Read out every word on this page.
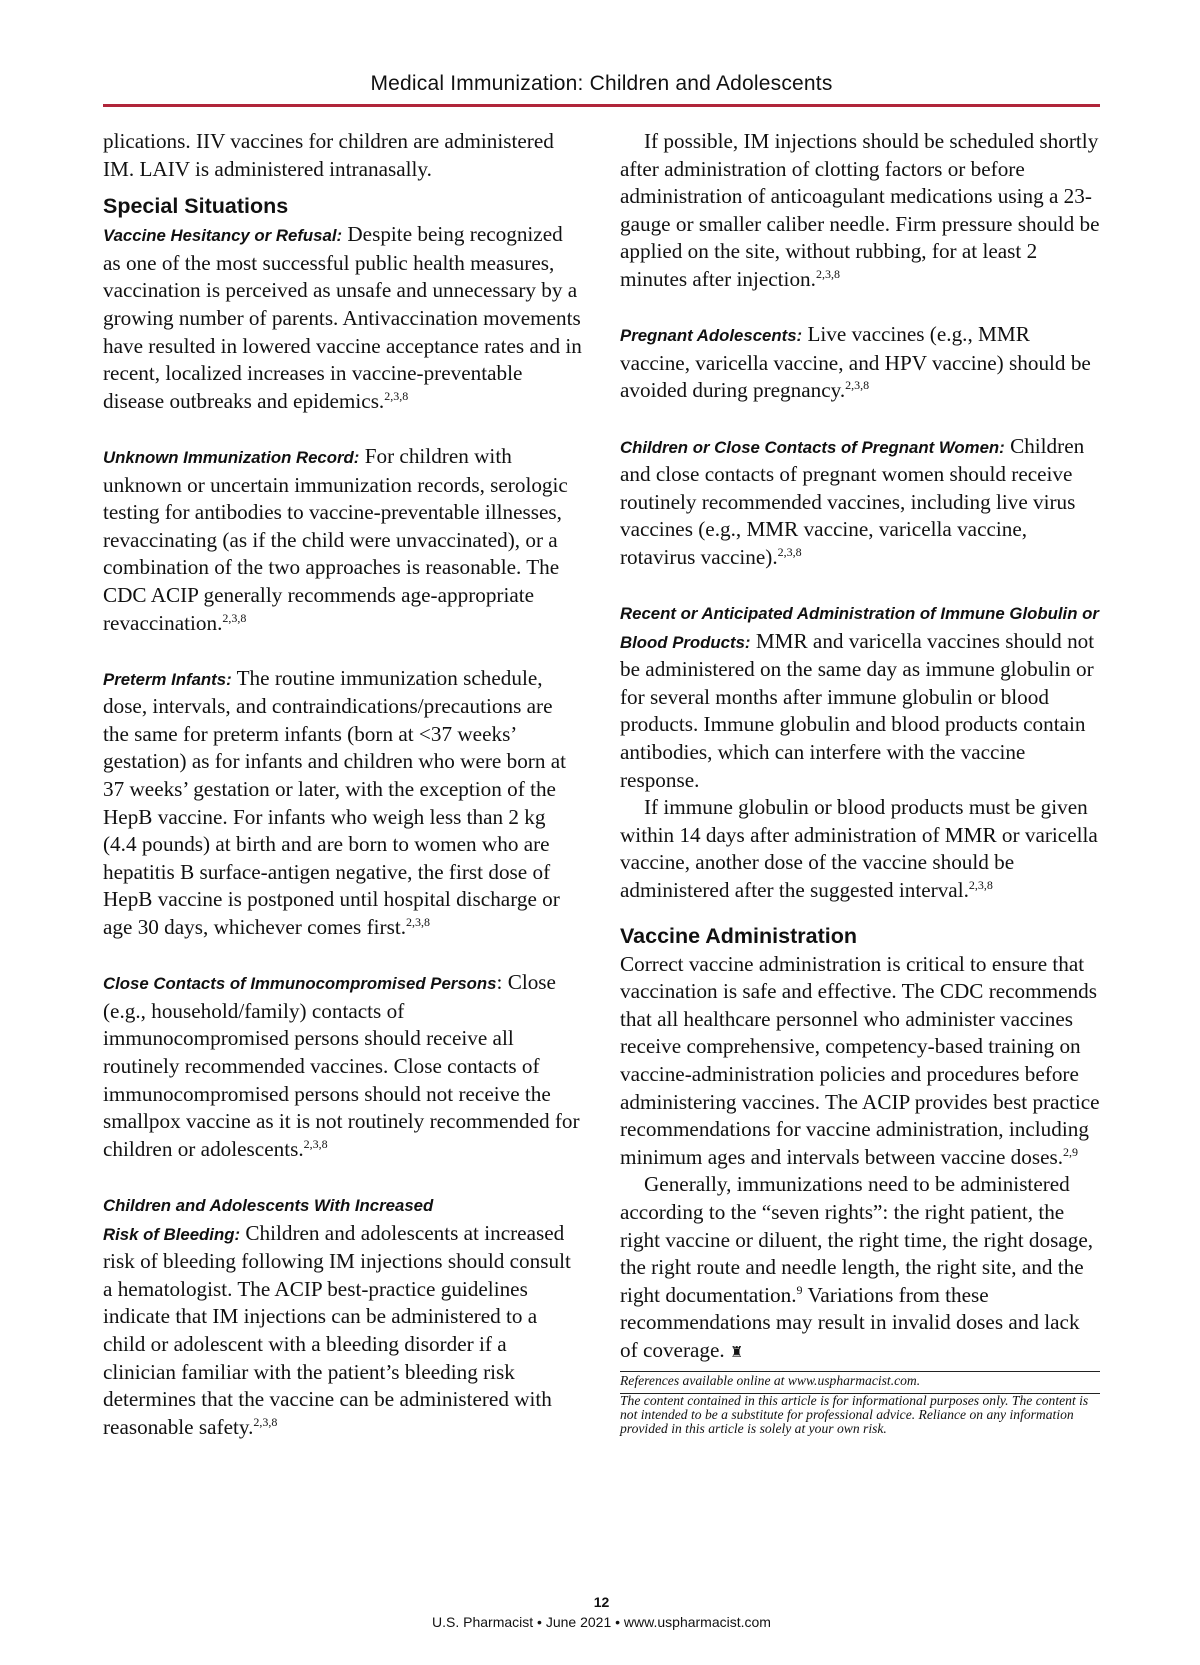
Medical Immunization: Children and Adolescents

plications. IIV vaccines for children are administered IM. LAIV is administered intranasally.

Special Situations

Vaccine Hesitancy or Refusal: Despite being recognized as one of the most successful public health measures, vaccination is perceived as unsafe and unnecessary by a growing number of parents. Antivaccination movements have resulted in lowered vaccine acceptance rates and in recent, localized increases in vaccine-preventable disease outbreaks and epidemics.$^{2,3,8}$

Unknown Immunization Record: For children with unknown or uncertain immunization records, serologic testing for antibodies to vaccine-preventable illnesses, revaccinating (as if the child were unvaccinated), or a combination of the two approaches is reasonable. The CDC ACIP generally recommends age-appropriate revaccination.$^{2,3,8}$

Preterm Infants: The routine immunization schedule, dose, intervals, and contraindications/precautions are the same for preterm infants (born at <37 weeks’ gestation) as for infants and children who were born at 37 weeks’ gestation or later, with the exception of the HepB vaccine. For infants who weigh less than 2 kg (4.4 pounds) at birth and are born to women who are hepatitis B surface-antigen negative, the first dose of HepB vaccine is postponed until hospital discharge or age 30 days, whichever comes first.$^{2,3,8}$

Close Contacts of Immunocompromised Persons: Close (e.g., household/family) contacts of immunocompromised persons should receive all routinely recommended vaccines. Close contacts of immunocompromised persons should not receive the smallpox vaccine as it is not routinely recommended for children or adolescents.$^{2,3,8}$

Children and Adolescents With Increased
Risk of Bleeding: Children and adolescents at increased risk of bleeding following IM injections should consult a hematologist. The ACIP best-practice guidelines indicate that IM injections can be administered to a child or adolescent with a bleeding disorder if a clinician familiar with the patient’s bleeding risk determines that the vaccine can be administered with reasonable safety.$^{2,3,8}$

If possible, IM injections should be scheduled shortly after administration of clotting factors or before administration of anticoagulant medications using a 23-gauge or smaller caliber needle. Firm pressure should be applied on the site, without rubbing, for at least 2 minutes after injection.$^{2,3,8}$

Pregnant Adolescents: Live vaccines (e.g., MMR vaccine, varicella vaccine, and HPV vaccine) should be avoided during pregnancy.$^{2,3,8}$

Children or Close Contacts of Pregnant Women: Children and close contacts of pregnant women should receive routinely recommended vaccines, including live virus vaccines (e.g., MMR vaccine, varicella vaccine, rotavirus vaccine).$^{2,3,8}$

Recent or Anticipated Administration of Immune Globulin or Blood Products: MMR and varicella vaccines should not be administered on the same day as immune globulin or for several months after immune globulin or blood products. Immune globulin and blood products contain antibodies, which can interfere with the vaccine response.

If immune globulin or blood products must be given within 14 days after administration of MMR or varicella vaccine, another dose of the vaccine should be administered after the suggested interval.$^{2,3,8}$

Vaccine Administration

Correct vaccine administration is critical to ensure that vaccination is safe and effective. The CDC recommends that all healthcare personnel who administer vaccines receive comprehensive, competency-based training on vaccine-administration policies and procedures before administering vaccines. The ACIP provides best practice recommendations for vaccine administration, including minimum ages and intervals between vaccine doses.$^{2,9}$

Generally, immunizations need to be administered according to the “seven rights”: the right patient, the right vaccine or diluent, the right time, the right dosage, the right route and needle length, the right site, and the right documentation.$^9$ Variations from these recommendations may result in invalid doses and lack of coverage. ♜

References available online at www.uspharmacist.com.

The content contained in this article is for informational purposes only. The content is not intended to be a substitute for professional advice. Reliance on any information provided in this article is solely at your own risk.

12
U.S. Pharmacist • June 2021 • www.uspharmacist.com
